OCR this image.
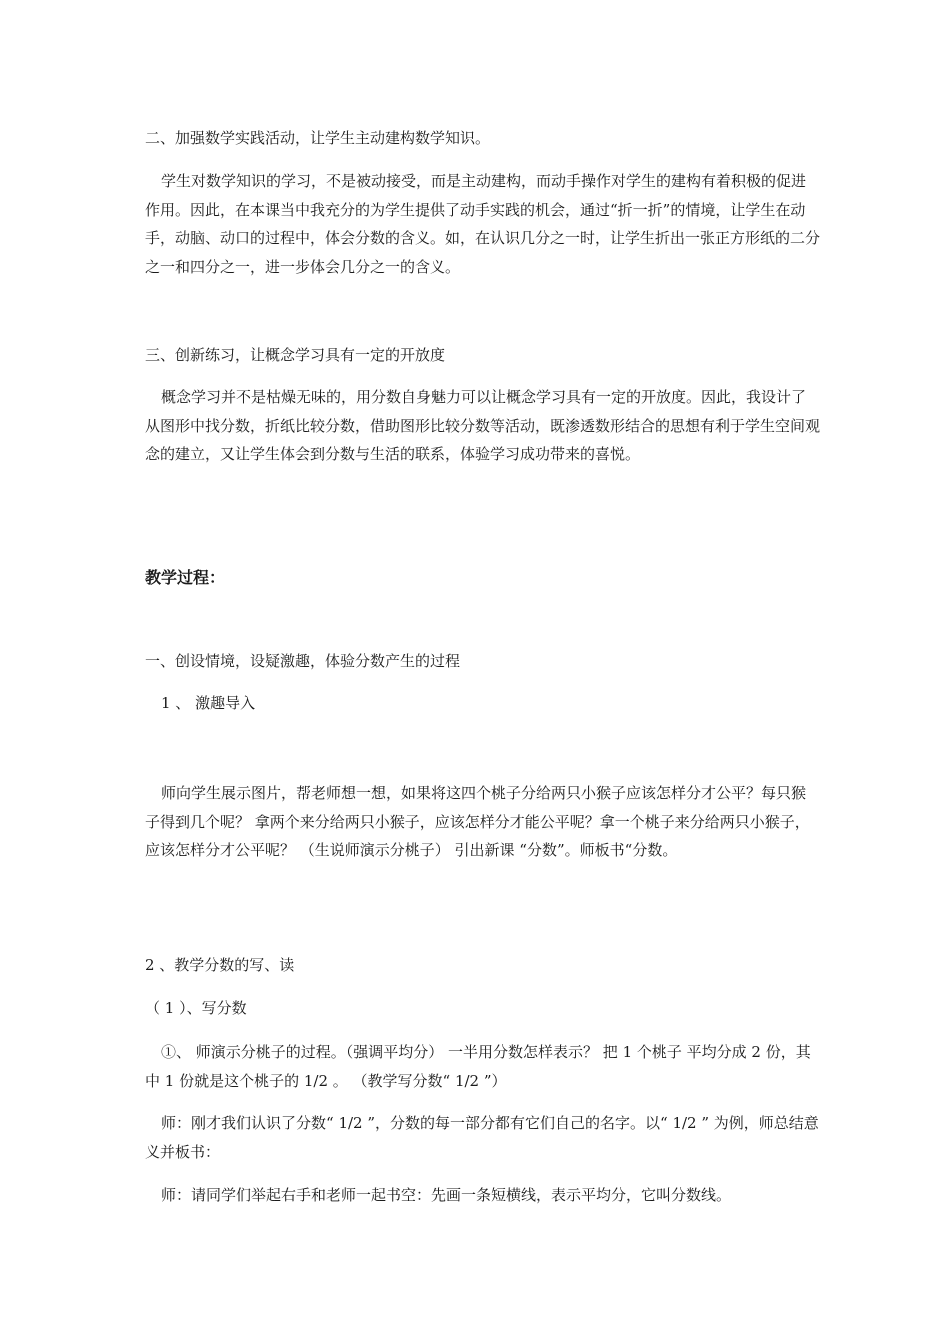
二、加强数学实践活动，让学生主动建构数学知识。
学生对数学知识的学习，不是被动接受，而是主动建构，而动手操作对学生的建构有着积极的促进作用。因此，在本课当中我充分的为学生提供了动手实践的机会，通过“折一折”的情境，让学生在动手，动脑、动口的过程中，体会分数的含义。如，在认识几分之一时，让学生折出一张正方形纸的二分之一和四分之一，进一步体会几分之一的含义。
三、创新练习，让概念学习具有一定的开放度
概念学习并不是枯燥无味的，用分数自身魅力可以让概念学习具有一定的开放度。因此，我设计了从图形中找分数，折纸比较分数，借助图形比较分数等活动，既渗透数形结合的思想有利于学生空间观念的建立，又让学生体会到分数与生活的联系，体验学习成功带来的喜悦。
教学过程：
一、创设情境，设疑激趣，体验分数产生的过程
1 、 激趣导入
师向学生展示图片，帮老师想一想，如果将这四个桃子分给两只小猴子应该怎样分才公平？每只猴子得到几个呢？ 拿两个来分给两只小猴子，应该怎样分才能公平呢？拿一个桃子来分给两只小猴子，应该怎样分才公平呢？ （生说师演示分桃子） 引出新课 “分数”。师板书“分数。
2 、教学分数的写、读
（ 1 ）、写分数
①、 师演示分桃子的过程。（强调平均分） 一半用分数怎样表示？ 把 1 个桃子 平均分成 2 份，其中 1 份就是这个桃子的 1/2 。 （教学写分数“ 1/2 ”）
师：刚才我们认识了分数“ 1/2 ”，分数的每一部分都有它们自己的名字。以“ 1/2 ” 为例，师总结意义并板书：
师：请同学们举起右手和老师一起书空：先画一条短横线，表示平均分，它叫分数线。
